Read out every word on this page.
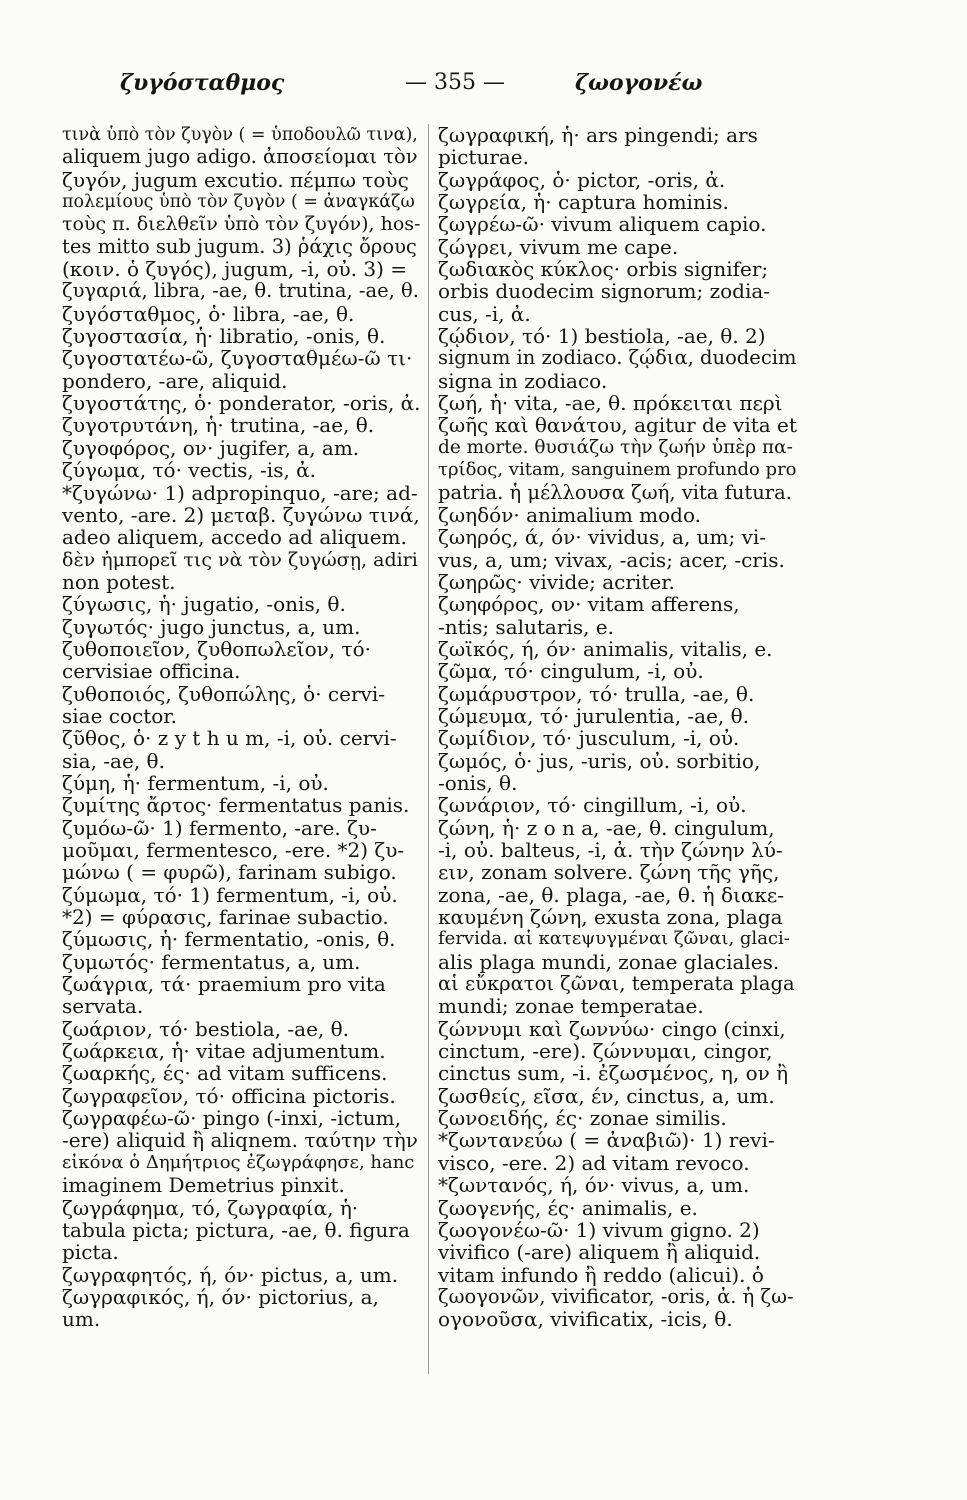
ζυγόσταθμος	— 355 —	ζωογονέω
τινὰ ὑπὸ τὸν ζυγὸν ( = ὑποδουλῶ τινα),
aliquem jugo adigo. ἀποσείομαι τὸν
ζυγόν, jugum excutio. πέμπω τοὺς
πολεμίους ὑπὸ τὸν ζυγὸν ( = ἀναγκάζω
τοὺς π. διελθεῖν ὑπὸ τὸν ζυγόν), hos-
tes mitto sub jugum. 3) ῥάχις ὄρους
(κοιν. ὁ ζυγός), jugum, -i, οὐ. 3) =
ζυγαριά, libra, -ae, θ. trutina, -ae, θ.
ζυγόσταθμος, ὁ· libra, -ae, θ.
ζυγοστασία, ἡ· libratio, -onis, θ.
ζυγοστατέω-ῶ, ζυγοσταθμέω-ῶ τι·
pondero, -are, aliquid.
ζυγοστάτης, ὁ· ponderator, -oris, ἀ.
ζυγοτρυτάνη, ἡ· trutina, -ae, θ.
ζυγοφόρος, ον· jugifer, a, am.
ζύγωμα, τό· vectis, -is, ἀ.
*ζυγώνω· 1) adpropinquo, -are; ad-
vento, -are. 2) μεταβ. ζυγώνω τινά,
adeo aliquem, accedo ad aliquem.
δὲν ἠμπορεῖ τις νὰ τὸν ζυγώσῃ, adiri
non potest.
ζύγωσις, ἡ· jugatio, -onis, θ.
ζυγωτός· jugo junctus, a, um.
ζυθοποιεῖον, ζυθοπωλεῖον, τό·
cervisiae officina.
ζυθοποιός, ζυθοπώλης, ὁ· cervi-
siae coctor.
ζῦθος, ὁ· z y t h u m, -i, οὐ. cervi-
sia, -ae, θ.
ζύμη, ἡ· fermentum, -i, οὐ.
ζυμίτης ἄρτος· fermentatus panis.
ζυμόω-ῶ· 1) fermento, -are. ζυ-
μοῦμαι, fermentesco, -ere. *2) ζυ-
μώνω ( = φυρῶ), farinam subigo.
ζύμωμα, τό· 1) fermentum, -i, οὐ.
*2) = φύρασις, farinae subactio.
ζύμωσις, ἡ· fermentatio, -onis, θ.
ζυμωτός· fermentatus, a, um.
ζωάγρια, τά· praemium pro vita
servata.
ζωάριον, τό· bestiola, -ae, θ.
ζωάρκεια, ἡ· vitae adjumentum.
ζωαρκής, ές· ad vitam sufficens.
ζωγραφεῖον, τό· officina pictoris.
ζωγραφέω-ῶ· pingo (-inxi, -ictum,
-ere) aliquid ἢ aliqnem. ταύτην τὴν
εἰκόνα ὁ Δημήτριος ἐζωγράφησε, hanc
imaginem Demetrius pinxit.
ζωγράφημα, τό, ζωγραφία, ἡ·
tabula picta; pictura, -ae, θ. figura
picta.
ζωγραφητός, ή, όν· pictus, a, um.
ζωγραφικός, ή, όν· pictorius, a,
um.
ζωγραφική, ἡ· ars pingendi; ars
picturae.
ζωγράφος, ὁ· pictor, -oris, ἀ.
ζωγρεία, ἡ· captura hominis.
ζωγρέω-ῶ· vivum aliquem capio.
ζώγρει, vivum me cape.
ζωδιακὸς κύκλος· orbis signifer;
orbis duodecim signorum; zodia-
cus, -i, ἀ.
ζῴδιον, τό· 1) bestiola, -ae, θ. 2)
signum in zodiaco. ζῴδια, duodecim
signa in zodiaco.
ζωή, ἡ· vita, -ae, θ. πρόκειται περὶ
ζωῆς καὶ θανάτου, agitur de vita et
de morte. θυσιάζω τὴν ζωήν ὑπὲρ πα-
τρίδος, vitam, sanguinem profundo pro
patria. ἡ μέλλουσα ζωή, vita futura.
ζωηδόν· animalium modo.
ζωηρός, ά, όν· vividus, a, um; vi-
vus, a, um; vivax, -acis; acer, -cris.
ζωηρῶς· vivide; acriter.
ζωηφόρος, ον· vitam afferens,
-ntis; salutaris, e.
ζωϊκός, ή, όν· animalis, vitalis, e.
ζῶμα, τό· cingulum, -i, οὐ.
ζωμάρυστρον, τό· trulla, -ae, θ.
ζώμευμα, τό· jurulentia, -ae, θ.
ζωμίδιον, τό· jusculum, -i, οὐ.
ζωμός, ὁ· jus, -uris, οὐ. sorbitio,
-onis, θ.
ζωνάριον, τό· cingillum, -i, οὐ.
ζώνη, ἡ· z o n a, -ae, θ. cingulum,
-i, οὐ. balteus, -i, ἀ. τὴν ζώνην λύ-
ειν, zonam solvere. ζώνη τῆς γῆς,
zona, -ae, θ. plaga, -ae, θ. ἡ διακε-
καυμένη ζώνη, exusta zona, plaga
fervida. αἱ κατεψυγμέναι ζῶναι, glaci-
alis plaga mundi, zonae glaciales.
αἱ εὔκρατοι ζῶναι, temperata plaga
mundi; zonae temperatae.
ζώννυμι καὶ ζωννύω· cingo (cinxi,
cinctum, -ere). ζώννυμαι, cingor,
cinctus sum, -i. ἐζωσμένος, η, ον ἢ
ζωσθείς, εῖσα, έν, cinctus, a, um.
ζωνοειδής, ές· zonae similis.
*ζωντανεύω ( = ἀναβιῶ)· 1) revi-
visco, -ere. 2) ad vitam revoco.
*ζωντανός, ή, όν· vivus, a, um.
ζωογενής, ές· animalis, e.
ζωογονέω-ῶ· 1) vivum gigno. 2)
vivifico (-are) aliquem ἢ aliquid.
vitam infundo ἢ reddo (alicui). ὁ
ζωογονῶν, vivificator, -oris, ἀ. ἡ ζω-
ογονοῦσα, vivificatix, -icis, θ.
